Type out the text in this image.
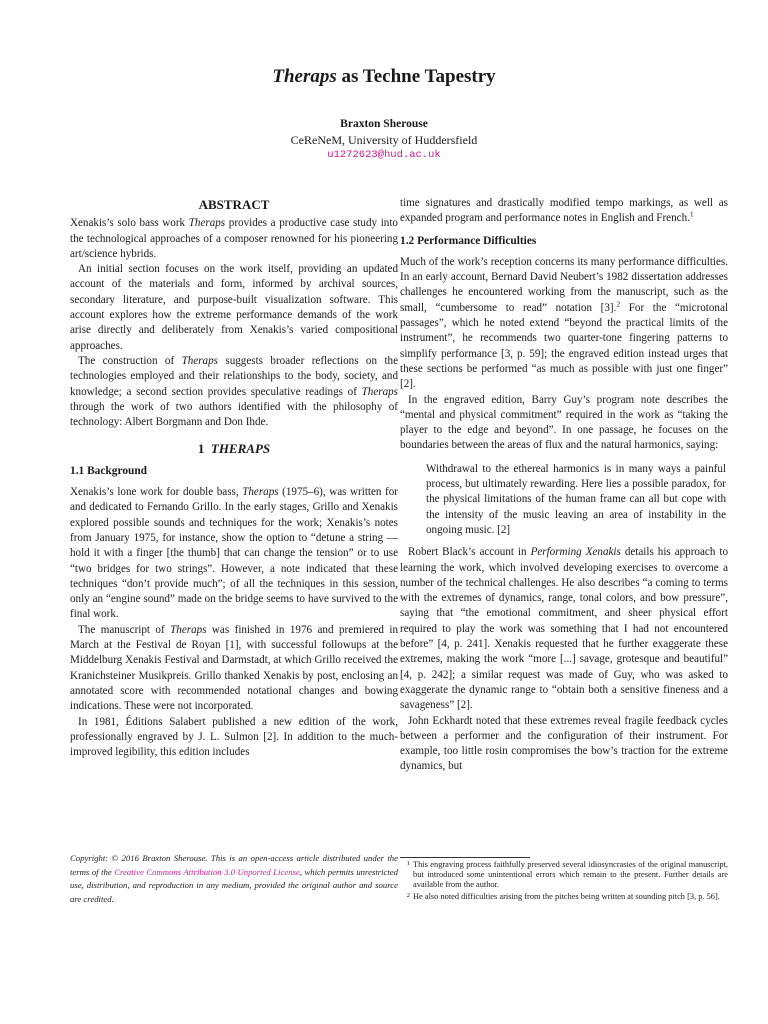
Theraps as Techne Tapestry
Braxton Sherouse
CeReNeM, University of Huddersfield
u1272623@hud.ac.uk
ABSTRACT

Xenakis’s solo bass work Theraps provides a productive case study into the technological approaches of a composer renowned for his pioneering art/science hybrids.

An initial section focuses on the work itself, providing an updated account of the materials and form, informed by archival sources, secondary literature, and purpose-built visualization software. This account explores how the extreme performance demands of the work arise directly and deliberately from Xenakis’s varied compositional approaches.

The construction of Theraps suggests broader reflections on the technologies employed and their relationships to the body, society, and knowledge; a second section provides speculative readings of Theraps through the work of two authors identified with the philosophy of technology: Albert Borgmann and Don Ihde.

1 THERAPS
1.1 Background

Xenakis’s lone work for double bass, Theraps (1975–6), was written for and dedicated to Fernando Grillo. In the early stages, Grillo and Xenakis explored possible sounds and techniques for the work; Xenakis’s notes from January 1975, for instance, show the option to “detune a string — hold it with a finger [the thumb] that can change the tension” or to use “two bridges for two strings”. However, a note indicated that these techniques “don’t provide much”; of all the techniques in this session, only an “engine sound” made on the bridge seems to have survived to the final work.

The manuscript of Theraps was finished in 1976 and premiered in March at the Festival de Royan [1], with successful followups at the Middelburg Xenakis Festival and Darmstadt, at which Grillo received the Kranichsteiner Musikpreis. Grillo thanked Xenakis by post, enclosing an annotated score with recommended notational changes and bowing indications. These were not incorporated.

In 1981, Éditions Salabert published a new edition of the work, professionally engraved by J. L. Sulmon [2]. In addition to the much-improved legibility, this edition includes

Copyright: © 2016 Braxton Sherouse. This is an open-access article distributed under the terms of the Creative Commons Attribution 3.0 Unported License, which permits unrestricted use, distribution, and reproduction in any medium, provided the original author and source are credited.

time signatures and drastically modified tempo markings, as well as expanded program and performance notes in English and French.$^1$

1.2 Performance Difficulties

Much of the work’s reception concerns its many performance difficulties. In an early account, Bernard David Neubert’s 1982 dissertation addresses challenges he encountered working from the manuscript, such as the small, “cumbersome to read” notation [3].$^2$ For the “microtonal passages”, which he noted extend “beyond the practical limits of the instrument”, he recommends two quarter-tone fingering patterns to simplify performance [3, p. 59]; the engraved edition instead urges that these sections be performed “as much as possible with just one finger” [2].

In the engraved edition, Barry Guy’s program note describes the “mental and physical commitment” required in the work as “taking the player to the edge and beyond”. In one passage, he focuses on the boundaries between the areas of flux and the natural harmonics, saying:

Withdrawal to the ethereal harmonics is in many ways a painful process, but ultimately rewarding. Here lies a possible paradox, for the physical limitations of the human frame can all but cope with the intensity of the music leaving an area of instability in the ongoing music. [2]

Robert Black’s account in Performing Xenakis details his approach to learning the work, which involved developing exercises to overcome a number of the technical challenges. He also describes “a coming to terms with the extremes of dynamics, range, tonal colors, and bow pressure”, saying that “the emotional commitment, and sheer physical effort required to play the work was something that I had not encountered before” [4, p. 241]. Xenakis requested that he further exaggerate these extremes, making the work “more [...] savage, grotesque and beautiful” [4, p. 242]; a similar request was made of Guy, who was asked to exaggerate the dynamic range to “obtain both a sensitive fineness and a savageness” [2].

John Eckhardt noted that these extremes reveal fragile feedback cycles between a performer and the configuration of their instrument. For example, too little rosin compromises the bow’s traction for the extreme dynamics, but

1 This engraving process faithfully preserved several idiosyncrasies of the original manuscript, but introduced some unintentional errors which remain to the present. Further details are available from the author.
2 He also noted difficulties arising from the pitches being written at sounding pitch [3, p. 56].
